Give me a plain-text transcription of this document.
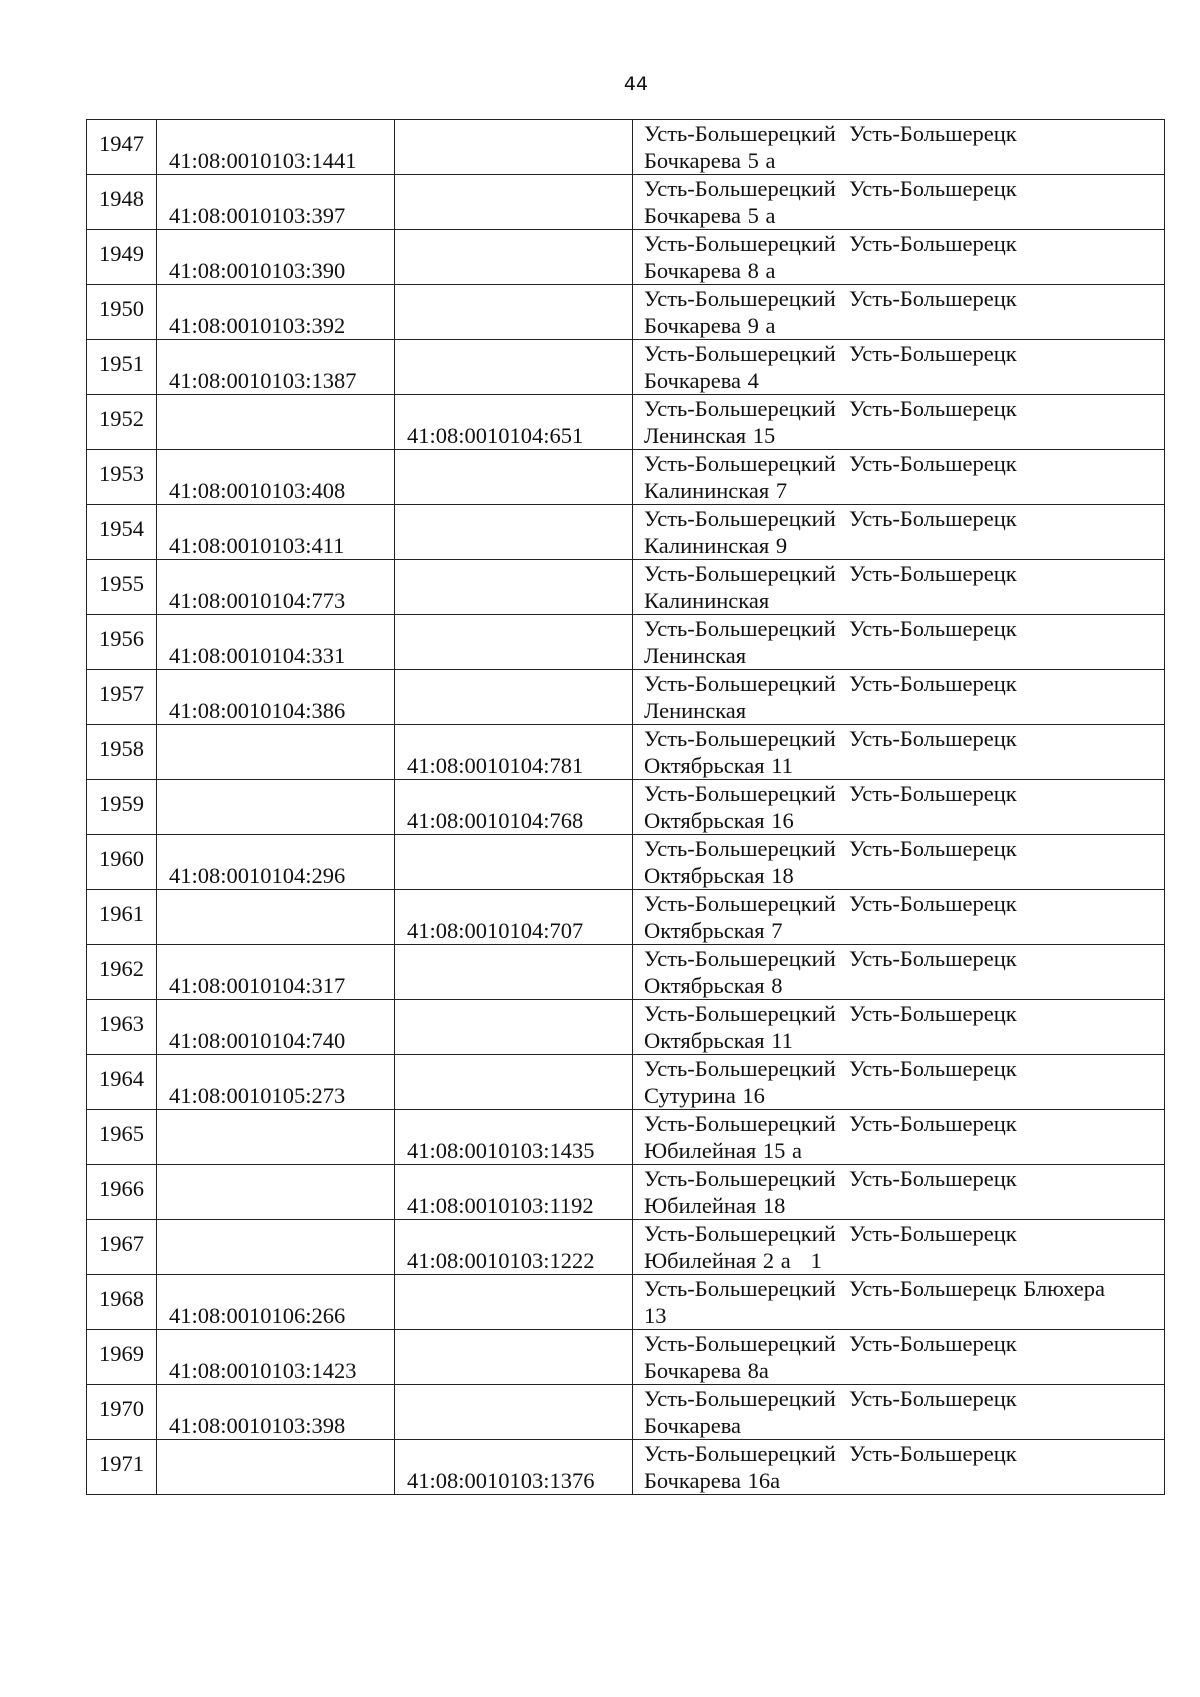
44
1947	41:08:0010103:1441		Усть-Большерецкий  Усть-Большерецк
Бочкарева 5 а

1948	41:08:0010103:397		Усть-Большерецкий  Усть-Большерецк
Бочкарева 5 а

1949	41:08:0010103:390		Усть-Большерецкий  Усть-Большерецк
Бочкарева 8 а

1950	41:08:0010103:392		Усть-Большерецкий  Усть-Большерецк
Бочкарева 9 а

1951	41:08:0010103:1387		Усть-Большерецкий  Усть-Большерецк
Бочкарева 4

1952		41:08:0010104:651	Усть-Большерецкий  Усть-Большерецк
Ленинская 15

1953	41:08:0010103:408		Усть-Большерецкий  Усть-Большерецк
Калининская 7

1954	41:08:0010103:411		Усть-Большерецкий  Усть-Большерецк
Калининская 9

1955	41:08:0010104:773		Усть-Большерецкий  Усть-Большерецк
Калининская

1956	41:08:0010104:331		Усть-Большерецкий  Усть-Большерецк
Ленинская

1957	41:08:0010104:386		Усть-Большерецкий  Усть-Большерецк
Ленинская

1958		41:08:0010104:781	Усть-Большерецкий  Усть-Большерецк
Октябрьская 11

1959		41:08:0010104:768	Усть-Большерецкий  Усть-Большерецк
Октябрьская 16

1960	41:08:0010104:296		Усть-Большерецкий  Усть-Большерецк
Октябрьская 18

1961		41:08:0010104:707	Усть-Большерецкий  Усть-Большерецк
Октябрьская 7

1962	41:08:0010104:317		Усть-Большерецкий  Усть-Большерецк
Октябрьская 8

1963	41:08:0010104:740		Усть-Большерецкий  Усть-Большерецк
Октябрьская 11

1964	41:08:0010105:273		Усть-Большерецкий  Усть-Большерецк
Сутурина 16

1965		41:08:0010103:1435	Усть-Большерецкий  Усть-Большерецк
Юбилейная 15 а

1966		41:08:0010103:1192	Усть-Большерецкий  Усть-Большерецк
Юбилейная 18

1967		41:08:0010103:1222	Усть-Большерецкий  Усть-Большерецк
Юбилейная 2 а   1

1968	41:08:0010106:266		Усть-Большерецкий  Усть-Большерецк Блюхера
13

1969	41:08:0010103:1423		Усть-Большерецкий  Усть-Большерецк
Бочкарева 8а

1970	41:08:0010103:398		Усть-Большерецкий  Усть-Большерецк
Бочкарева

1971		41:08:0010103:1376	Усть-Большерецкий  Усть-Большерецк
Бочкарева 16а
